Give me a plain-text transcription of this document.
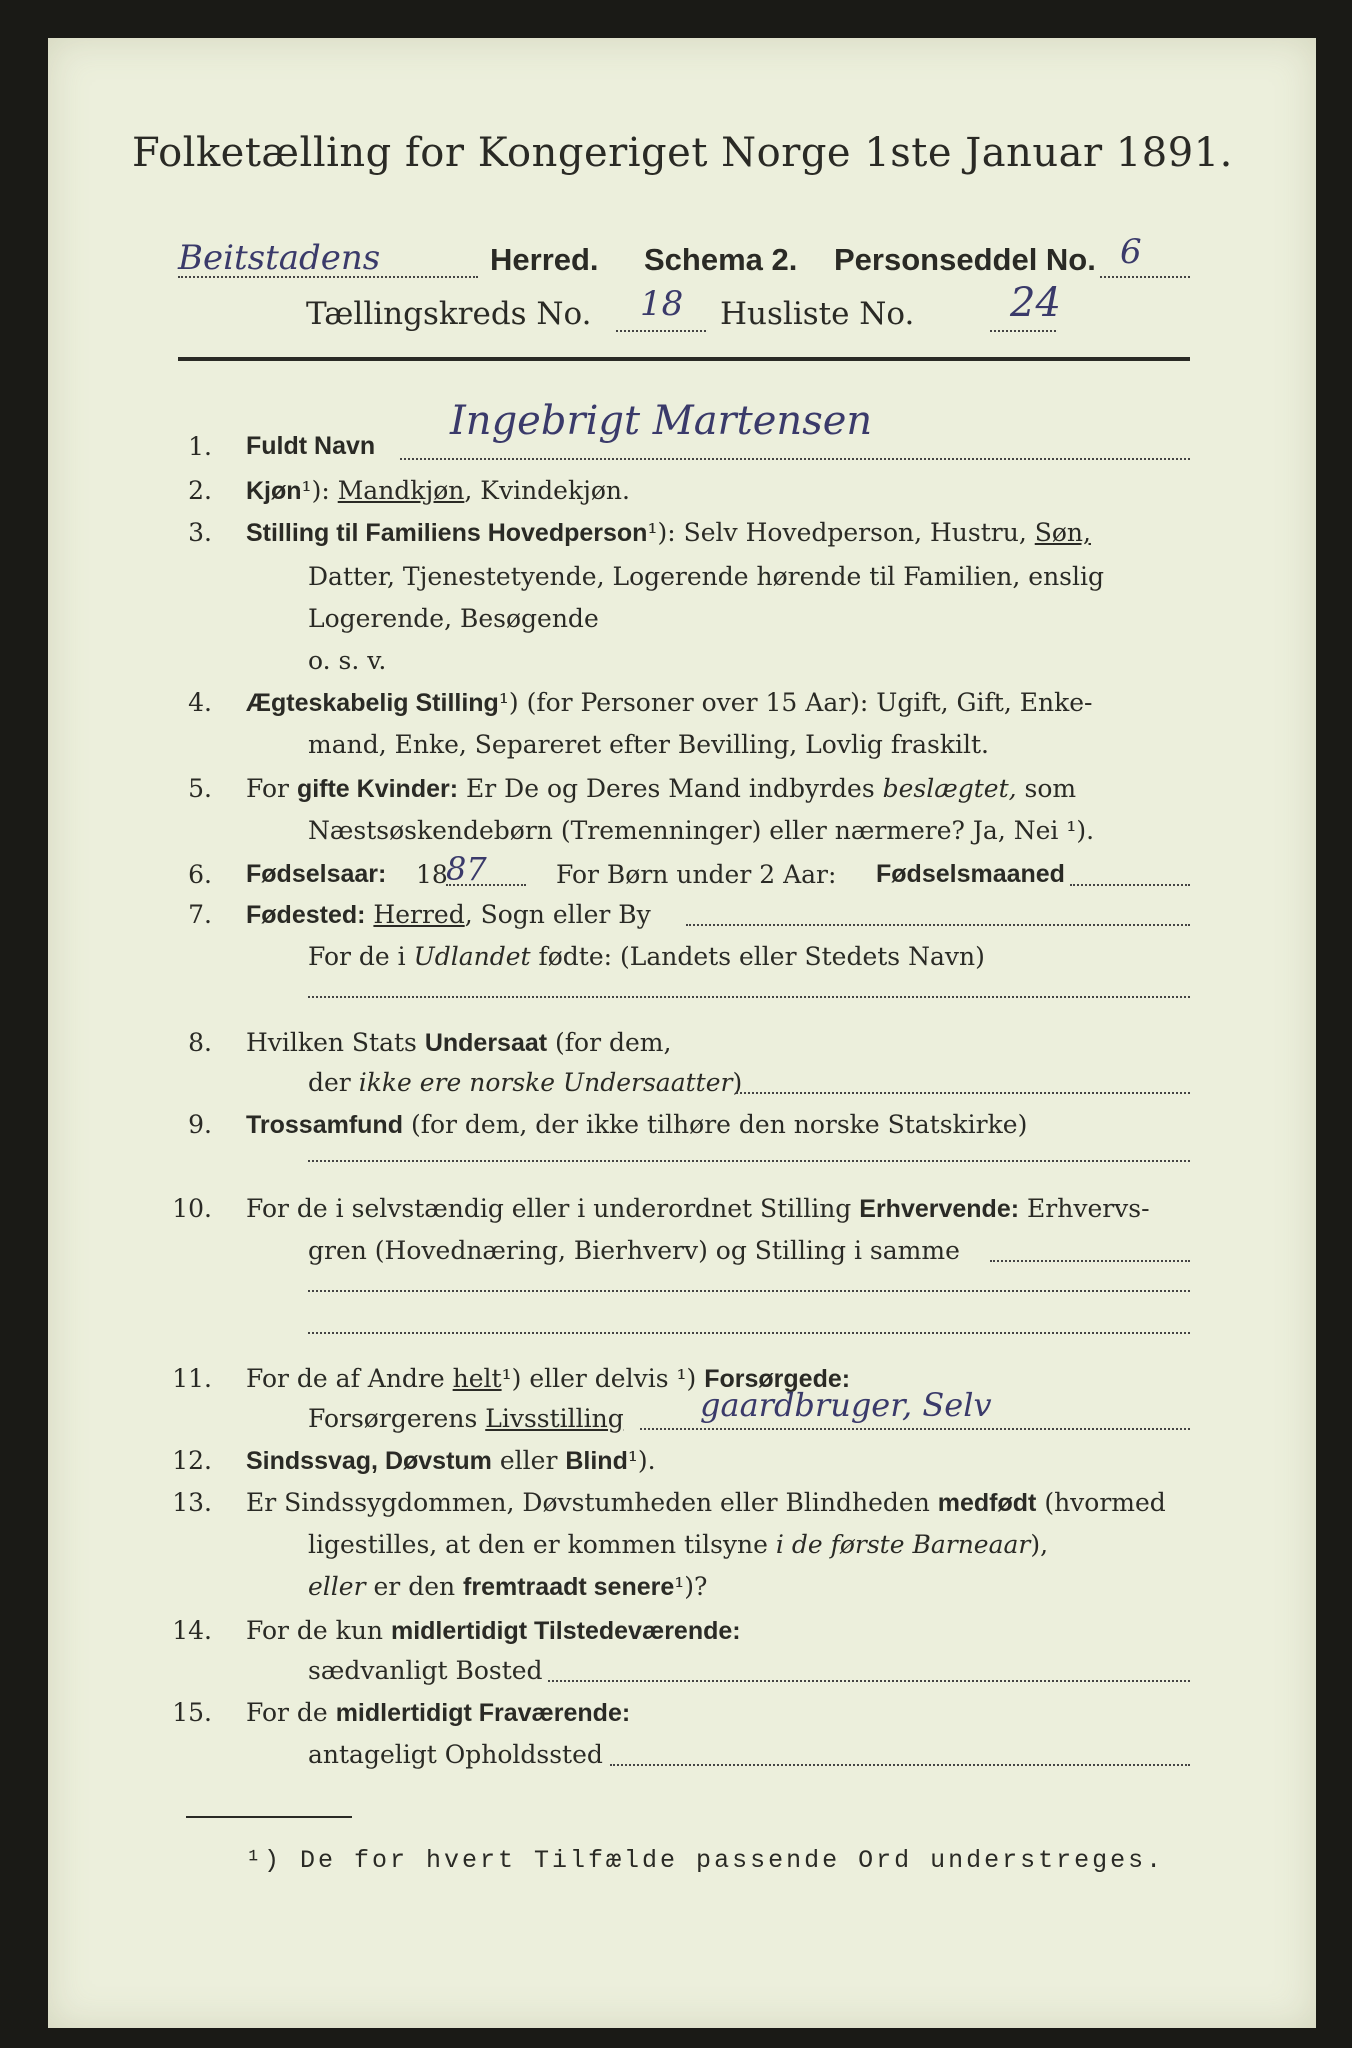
Folketælling for Kongeriget Norge 1ste Januar 1891.
Beitstadens	Herred. Schema 2. Personseddel No. 6
Tællingskreds No. 18 Husliste No. 24
1. Fuldt Navn
Ingebrigt Martensen
2. Kjøn¹): Mandkjøn, Kvindekjøn.
3. Stilling til Familiens Hovedperson¹): Selv Hovedperson, Hustru, Søn,
Datter, Tjenestetyende, Logerende hørende til Familien, enslig
Logerende, Besøgende
o. s. v.
4. Ægteskabelig Stilling¹) (for Personer over 15 Aar): Ugift, Gift, Enke-
mand, Enke, Separeret efter Bevilling, Lovlig fraskilt.
5. For gifte Kvinder: Er De og Deres Mand indbyrdes beslægtet, som
Næstsøskendebørn (Tremenninger) eller nærmere? Ja, Nei ¹).
6. Fødselsaar: 18
87	For Børn under 2 Aar: Fødselsmaaned
7. Fødested: Herred, Sogn eller By
For de i Udlandet fødte: (Landets eller Stedets Navn)
8. Hvilken Stats Undersaat (for dem,
der ikke ere norske Undersaatter)
9. Trossamfund (for dem, der ikke tilhøre den norske Statskirke)
10. For de i selvstændig eller i underordnet Stilling Erhvervende: Erhvervs-
gren (Hovednæring, Bierhverv) og Stilling i samme
11. For de af Andre helt¹) eller delvis ¹) Forsørgede:
Forsørgerens Livsstilling gaardbruger, Selv
12. Sindssvag, Døvstum eller Blind¹).
13. Er Sindssygdommen, Døvstumheden eller Blindheden medfødt (hvormed
ligestilles, at den er kommen tilsyne i de første Barneaar),
eller er den fremtraadt senere¹)?
14. For de kun midlertidigt Tilstedeværende:
sædvanligt Bosted
15. For de midlertidigt Fraværende:
antageligt Opholdssted
¹) De for hvert Tilfælde passende Ord understreges.
